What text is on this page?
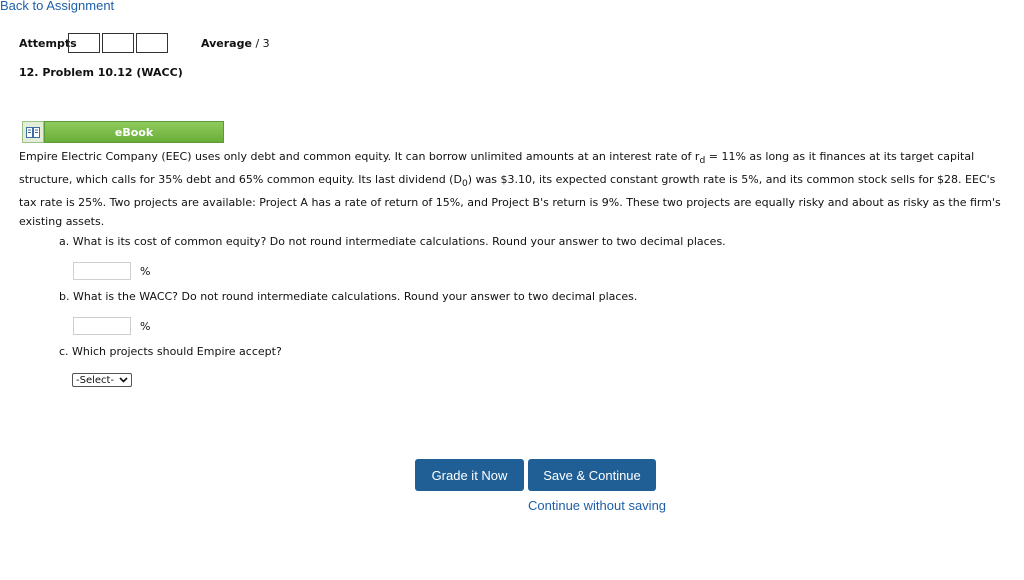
Back to Assignment
Attempts	Average / 3
12. Problem 10.12 (WACC)
eBook
Empire Electric Company (EEC) uses only debt and common equity. It can borrow unlimited amounts at an interest rate of $r_d = 11\%$ as long as it finances at its target capital structure, which calls for 35% debt and 65% common equity. Its last dividend $(D_0)$ was $3.10, its expected constant growth rate is 5%, and its common stock sells for $28. EEC's tax rate is 25%. Two projects are available: Project A has a rate of return of 15%, and Project B's return is 9%. These two projects are equally risky and about as risky as the firm's existing assets.
a. What is its cost of common equity? Do not round intermediate calculations. Round your answer to two decimal places.
%
b. What is the WACC? Do not round intermediate calculations. Round your answer to two decimal places.
%
c. Which projects should Empire accept?
-Select-
Grade it Now	Save & Continue
Continue without saving
